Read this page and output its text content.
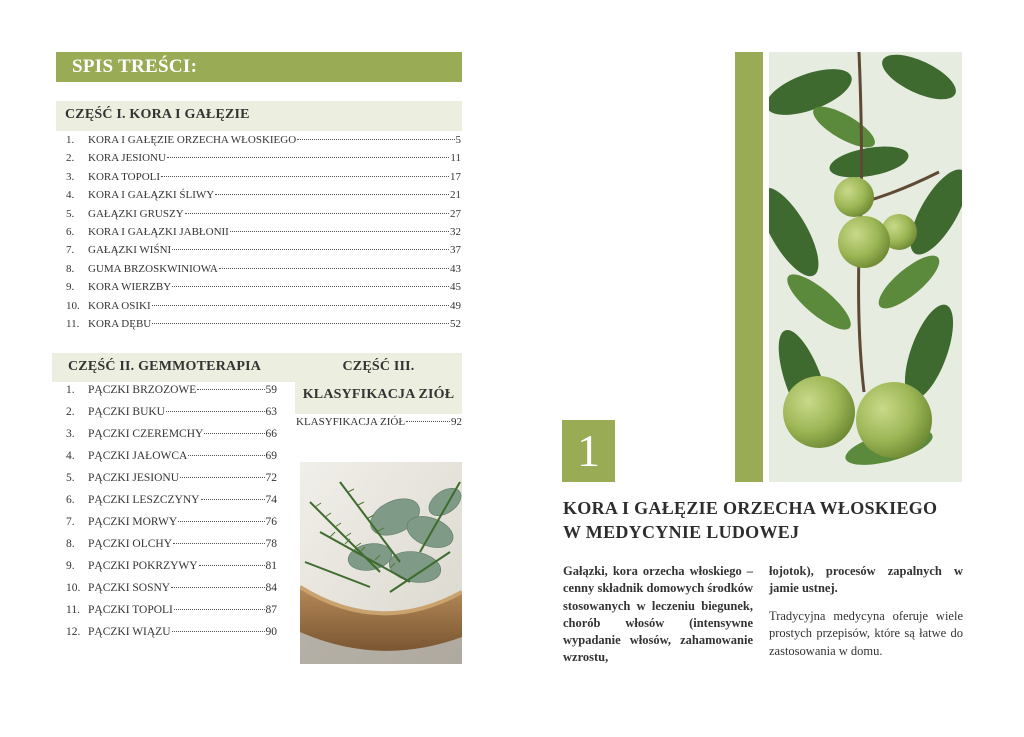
SPIS TREŚCI:
CZĘŚĆ I. KORA I GAŁĘZIE
1.	KORA I GAŁĘZIE ORZECHA WŁOSKIEGO	5
2.	KORA JESIONU	11
3.	KORA TOPOLI	17
4.	KORA I GAŁĄZKI ŚLIWY	21
5.	GAŁĄZKI GRUSZY	27
6.	KORA I GAŁĄZKI JABŁONII	32
7.	GAŁĄZKI WIŚNI	37
8.	GUMA BRZOSKWINIOWA	43
9.	KORA WIERZBY	45
10. KORA OSIKI	49
11. KORA DĘBU	52
CZĘŚĆ II. GEMMOTERAPIA	CZĘŚĆ III.
KLASYFIKACJA ZIÓŁ
1.	PĄCZKI BRZOZOWE	59
2.	PĄCZKI BUKU	63
3.	PĄCZKI CZEREMCHY	66
4.	PĄCZKI JAŁOWCA	69
5.	PĄCZKI JESIONU	72
6.	PĄCZKI LESZCZYNY	74
7.	PĄCZKI MORWY	76
8.	PĄCZKI OLCHY	78
9.	PĄCZKI POKRZYWY	81
10. PĄCZKI SOSNY	84
11. PĄCZKI TOPOLI	87
12. PĄCZKI WIĄZU	90
KLASYFIKACJA ZIÓŁ	92
1
KORA I GAŁĘZIE ORZECHA WŁOSKIEGO
W MEDYCYNIE LUDOWEJ

Gałązki, kora orzecha włoskiego – cenny składnik domowych środków stosowanych w leczeniu biegunek, chorób włosów (intensywne wypadanie włosów, zahamowanie wzrostu,

łojotok), procesów zapalnych w jamie ustnej.

Tradycyjna medycyna oferuje wiele prostych przepisów, które są łatwe do zastosowania w domu.
